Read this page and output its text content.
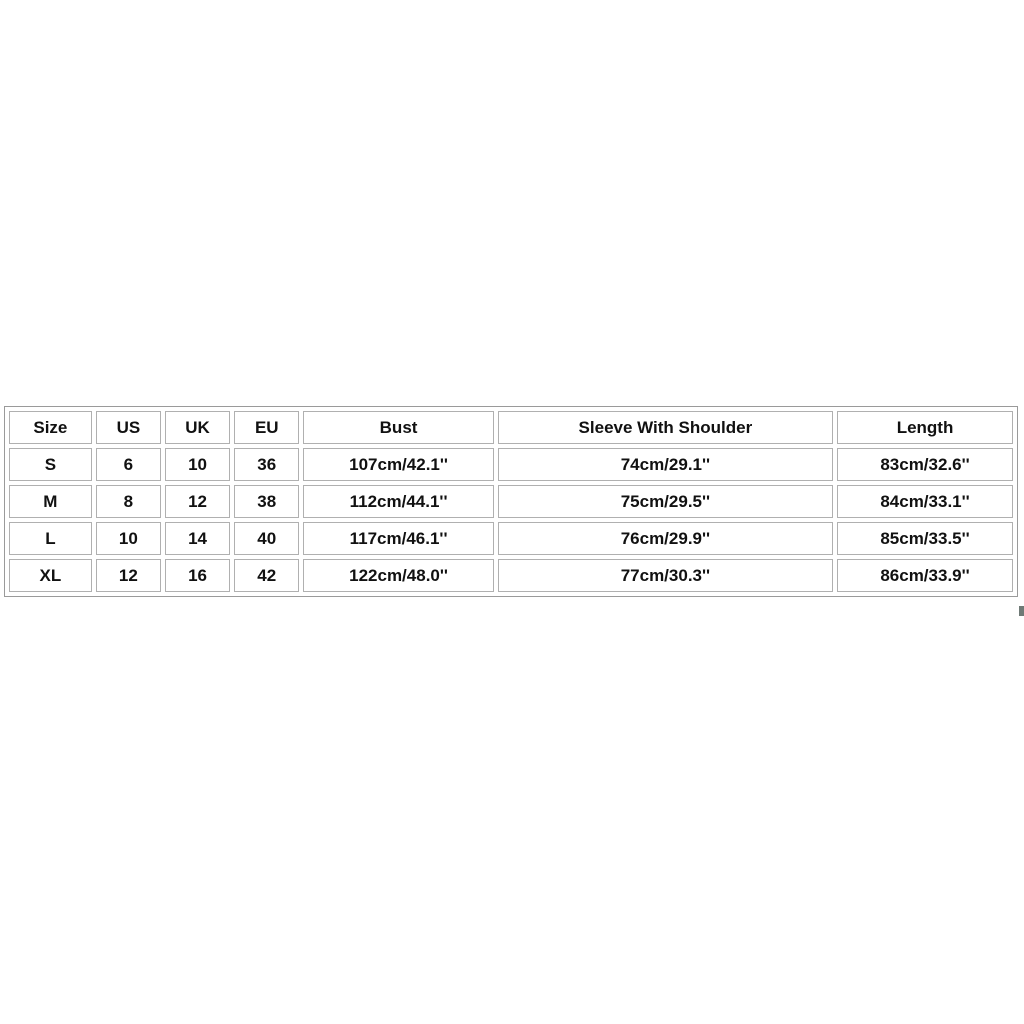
Size	US	UK	EU	Bust	Sleeve With Shoulder	Length
S	6	10	36	107cm/42.1''	74cm/29.1''	83cm/32.6''
M	8	12	38	112cm/44.1''	75cm/29.5''	84cm/33.1''
L	10	14	40	117cm/46.1''	76cm/29.9''	85cm/33.5''
XL	12	16	42	122cm/48.0''	77cm/30.3''	86cm/33.9''
